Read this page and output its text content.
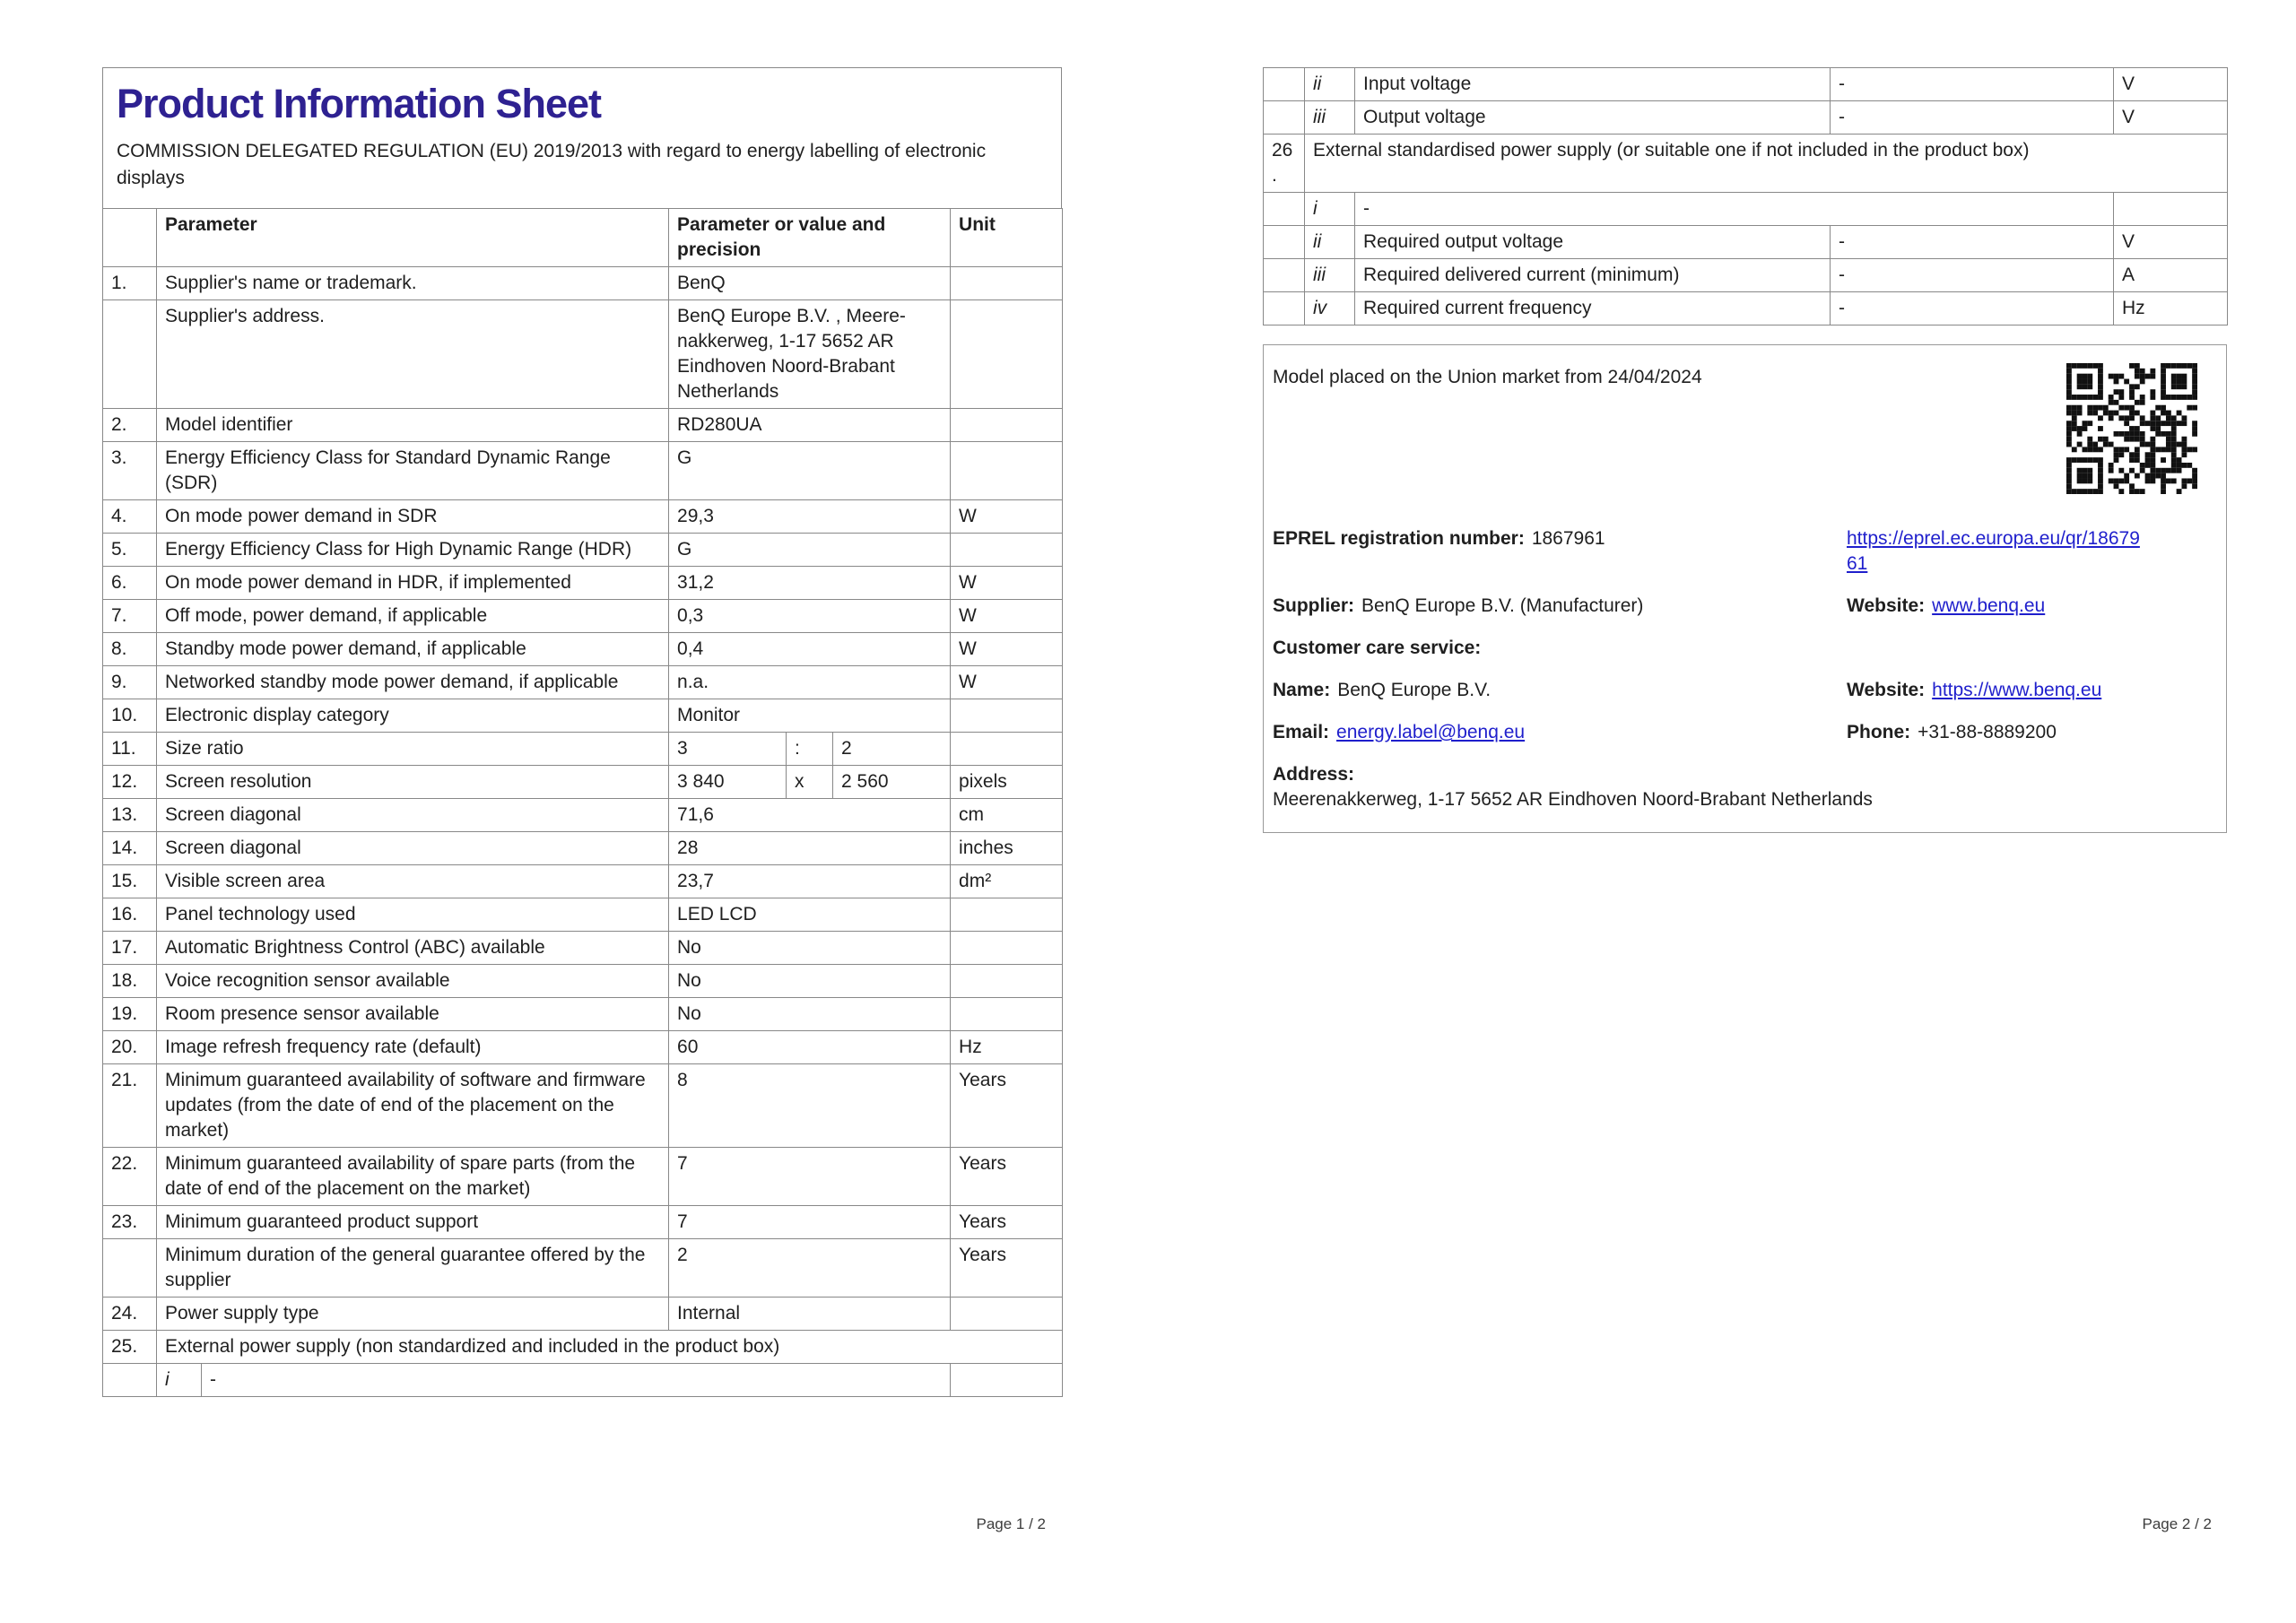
Product Information Sheet
COMMISSION DELEGATED REGULATION (EU) 2019/2013 with regard to energy labelling of electronic displays
	Parameter		Parameter or value and precision			Unit
1.	Supplier's name or trademark.		BenQ			
	Supplier's address.		BenQ Europe B.V. , Meere-nakkerweg, 1-17 5652 AR Eindhoven Noord-Brabant Netherlands			
2.	Model identifier		RD280UA			
3.	Energy Efficiency Class for Standard Dynamic Range (SDR)		G			
4.	On mode power demand in SDR		29,3			W
5.	Energy Efficiency Class for High Dynamic Range (HDR)		G			
6.	On mode power demand in HDR, if implemented		31,2			W
7.	Off mode, power demand, if applicable		0,3			W
8.	Standby mode power demand, if applicable		0,4			W
9.	Networked standby mode power demand, if applicable		n.a.			W
10.	Electronic display category		Monitor			
11.	Size ratio		3	:	2	
12.	Screen resolution		3 840	x	2 560	pixels
13.	Screen diagonal		71,6			cm
14.	Screen diagonal		28			inches
15.	Visible screen area		23,7			dm²
16.	Panel technology used		LED LCD			
17.	Automatic Brightness Control (ABC) available		No			
18.	Voice recognition sensor available		No			
19.	Room presence sensor available		No			
20.	Image refresh frequency rate (default)		60			Hz
21.	Minimum guaranteed availability of software and firmware updates (from the date of end of the placement on the market)		8			Years
22.	Minimum guaranteed availability of spare parts (from the date of end of the placement on the market)		7			Years
23.	Minimum guaranteed product support		7			Years
	Minimum duration of the general guarantee offered by the supplier		2			Years
24.	Power supply type		Internal			
25.	External power supply (non standardized and included in the product box)					
	i	-				
Page 1 / 2
	ii	Input voltage	-	V
	iii	Output voltage	-	V
26.	External standardised power supply (or suitable one if not included in the product box)			
	i	-		
	ii	Required output voltage	-	V
	iii	Required delivered current (minimum)	-	A
	iv	Required current frequency	-	Hz
Model placed on the Union market from 24/04/2024
EPREL registration number: 1867961	https://eprel.ec.europa.eu/qr/1867961
Supplier: BenQ Europe B.V. (Manufacturer)	Website: www.benq.eu
Customer care service:
Name: BenQ Europe B.V.	Website: https://www.benq.eu
Email: energy.label@benq.eu	Phone: +31-88-8889200
Address:
Meerenakkerweg, 1-17 5652 AR Eindhoven Noord-Brabant Netherlands
Page 2 / 2
